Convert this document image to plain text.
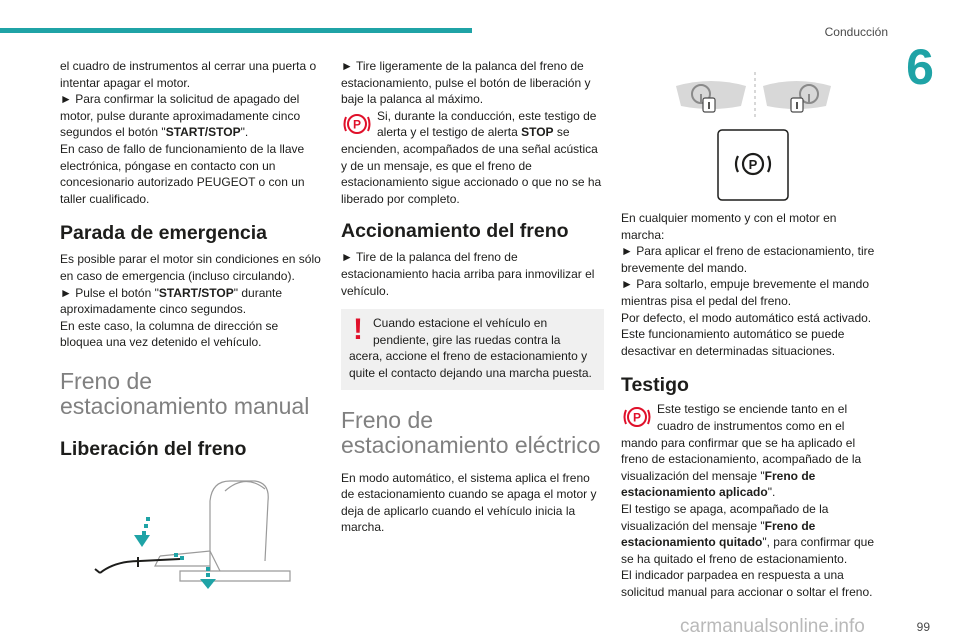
Conducción
6

el cuadro de instrumentos al cerrar una puerta o intentar apagar el motor.

► Para confirmar la solicitud de apagado del motor, pulse durante aproximadamente cinco segundos el botón "START/STOP".

En caso de fallo de funcionamiento de la llave electrónica, póngase en contacto con un concesionario autorizado PEUGEOT o con un taller cualificado.

Parada de emergencia

Es posible parar el motor sin condiciones en sólo en caso de emergencia (incluso circulando).

► Pulse el botón "START/STOP" durante aproximadamente cinco segundos.

En este caso, la columna de dirección se bloquea una vez detenido el vehículo.

Freno de estacionamiento manual
Liberación del freno

► Tire ligeramente de la palanca del freno de estacionamiento, pulse el botón de liberación y baje la palanca al máximo.

P
Si, durante la conducción, este testigo de alerta y el testigo de alerta STOP se encienden, acompañados de una señal acústica y de un mensaje, es que el freno de estacionamiento sigue accionado o que no se ha liberado por completo.

Accionamiento del freno

► Tire de la palanca del freno de estacionamiento hacia arriba para inmovilizar el vehículo.

! Cuando estacione el vehículo en pendiente, gire las ruedas contra la acera, accione el freno de estacionamiento y quite el contacto dejando una marcha puesta.
Freno de estacionamiento eléctrico

En modo automático, el sistema aplica el freno de estacionamiento cuando se apaga el motor y deja de aplicarlo cuando el vehículo inicia la marcha.

P

En cualquier momento y con el motor en marcha:

► Para aplicar el freno de estacionamiento, tire brevemente del mando.

► Para soltarlo, empuje brevemente el mando mientras pisa el pedal del freno.

Por defecto, el modo automático está activado.

Este funcionamiento automático se puede desactivar en determinadas situaciones.

Testigo

P
Este testigo se enciende tanto en el cuadro de instrumentos como en el mando para confirmar que se ha aplicado el freno de estacionamiento, acompañado de la visualización del mensaje "Freno de estacionamiento aplicado".

El testigo se apaga, acompañado de la visualización del mensaje "Freno de estacionamiento quitado", para confirmar que se ha quitado el freno de estacionamiento.

El indicador parpadea en respuesta a una solicitud manual para accionar o soltar el freno.

carmanualsonline.info	99
